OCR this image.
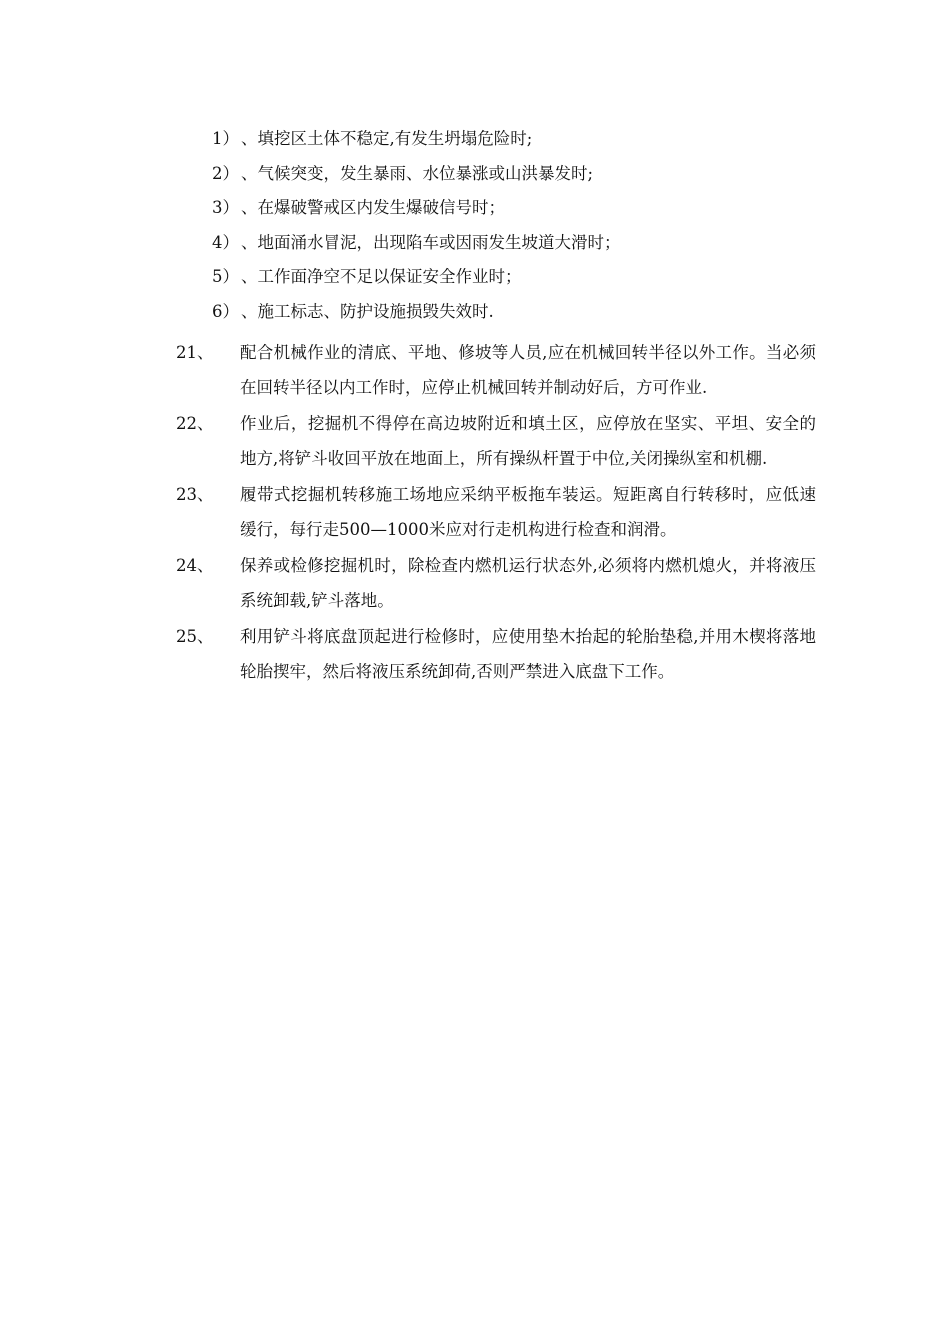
1） 、填挖区土体不稳定,有发生坍塌危险时;
2） 、气候突变，发生暴雨、水位暴涨或山洪暴发时;
3） 、在爆破警戒区内发生爆破信号时；
4） 、地面涌水冒泥，出现陷车或因雨发生坡道大滑时；
5） 、工作面净空不足以保证安全作业时；
6） 、施工标志、防护设施损毁失效时.
21、 配合机械作业的清底、平地、修坡等人员,应在机械回转半径以外工作。当必须在回转半径以内工作时，应停止机械回转并制动好后，方可作业.
22、 作业后，挖掘机不得停在高边坡附近和填土区，应停放在坚实、平坦、安全的地方,将铲斗收回平放在地面上，所有操纵杆置于中位,关闭操纵室和机棚.
23、 履带式挖掘机转移施工场地应采纳平板拖车装运。短距离自行转移时，应低速缓行，每行走500—1000米应对行走机构进行检查和润滑。
24、 保养或检修挖掘机时，除检查内燃机运行状态外,必须将内燃机熄火，并将液压系统卸载,铲斗落地。
25、 利用铲斗将底盘顶起进行检修时，应使用垫木抬起的轮胎垫稳,并用木楔将落地轮胎揳牢，然后将液压系统卸荷,否则严禁进入底盘下工作。
